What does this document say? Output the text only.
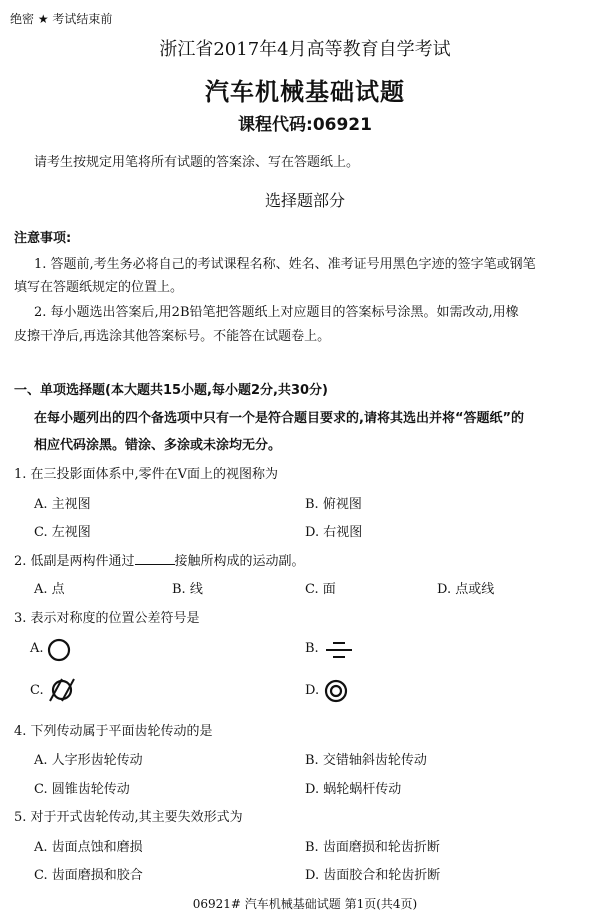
绝密 ★ 考试结束前
浙江省2017年4月高等教育自学考试
汽车机械基础试题
课程代码:06921
请考生按规定用笔将所有试题的答案涂、写在答题纸上。
选择题部分
注意事项:
1. 答题前,考生务必将自己的考试课程名称、姓名、准考证号用黑色字迹的签字笔或钢笔
填写在答题纸规定的位置上。
2. 每小题选出答案后,用2B铅笔把答题纸上对应题目的答案标号涂黑。如需改动,用橡
皮擦干净后,再选涂其他答案标号。不能答在试题卷上。
一、单项选择题(本大题共15小题,每小题2分,共30分)
在每小题列出的四个备选项中只有一个是符合题目要求的,请将其选出并将“答题纸”的
相应代码涂黑。错涂、多涂或未涂均无分。
1. 在三投影面体系中,零件在V面上的视图称为
A. 主视图	B. 俯视图
C. 左视图	D. 右视图
2. 低副是两构件通过	接触所构成的运动副。
A. 点	B. 线	C. 面	D. 点或线
3. 表示对称度的位置公差符号是
A.	B.
C.	D.
4. 下列传动属于平面齿轮传动的是
A. 人字形齿轮传动	B. 交错轴斜齿轮传动
C. 圆锥齿轮传动	D. 蜗轮蜗杆传动
5. 对于开式齿轮传动,其主要失效形式为
A. 齿面点蚀和磨损	B. 齿面磨损和轮齿折断
C. 齿面磨损和胶合	D. 齿面胶合和轮齿折断
06921# 汽车机械基础试题 第1页(共4页)
